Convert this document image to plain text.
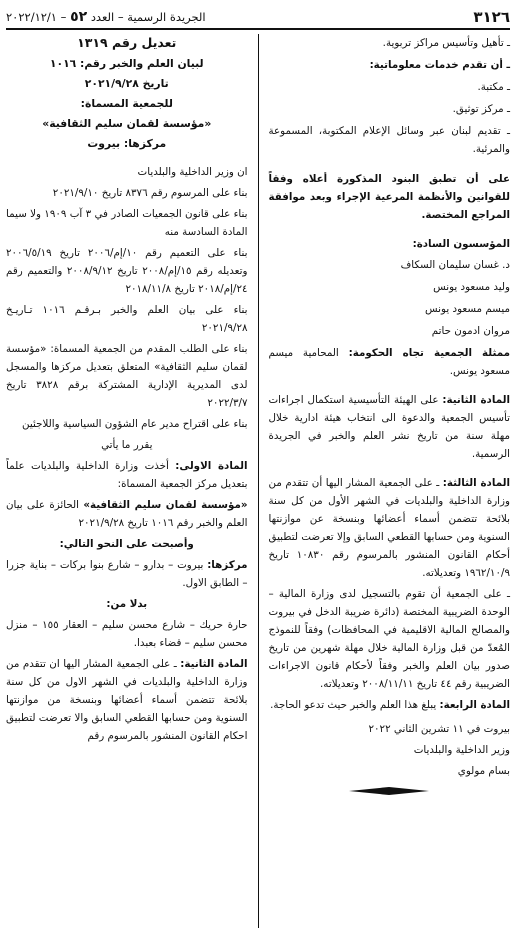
٣١٢٦
الجريدة الرسمية – العدد ٥٢ – ٢٠٢٢/١٢/١

ـ تأهيل وتأسيس مراكز تربوية.

ـ أن تقدم خدمات معلوماتية:

ـ مكتبة.

ـ مركز توثيق.

ـ تقديم لبنان عبر وسائل الإعلام المكتوبة، المسموعة والمرئية.

على أن تطبق البنود المذكورة أعلاه وفقاً للقوانين والأنظمة المرعية الإجراء وبعد موافقة المراجع المختصة.

المؤسسون السادة:

د. غسان سليمان السكاف

وليد مسعود يونس

ميسم مسعود يونس

مروان ادمون حاتم

ممثلة الجمعية تجاه الحكومة: المحامية ميسم مسعود يونس.

المادة الثانية: على الهيئة التأسيسية استكمال اجراءات تأسيس الجمعية والدعوة الى انتخاب هيئة ادارية خلال مهلة سنة من تاريخ نشر العلم والخبر في الجريدة الرسمية.

المادة الثالثة: ـ على الجمعية المشار اليها أن تتقدم من وزارة الداخلية والبلديات في الشهر الأول من كل سنة بلائحة تتضمن أسماء أعضائها وبنسخة عن موازنتها السنوية ومن حسابها القطعي السابق وإلا تعرضت لتطبيق أحكام القانون المنشور بالمرسوم رقم ١٠٨٣٠ تاريخ ١٩٦٢/١٠/٩ وتعديلاته.

ـ على الجمعية أن تقوم بالتسجيل لدى وزارة المالية – الوحدة الضريبية المختصة (دائرة ضريبة الدخل في بيروت والمصالح المالية الاقليمية في المحافظات) وفقاً للنموذج المُعدّ من قبل وزارة المالية خلال مهلة شهرين من تاريخ صدور بيان العلم والخبر وفقاً لأحكام قانون الاجراءات الضريبية رقم ٤٤ تاريخ ٢٠٠٨/١١/١١ وتعديلاته.

المادة الرابعة: يبلغ هذا العلم والخبر حيث تدعو الحاجة.

بيروت في ١١ تشرين الثاني ٢٠٢٢

وزير الداخلية والبلديات

بسام مولوي

تعديل رقم ١٣١٩

لبيان العلم والخبر رقم: ١٠١٦

تاريخ ٢٠٢١/٩/٢٨

للجمعية المسماة:

«مؤسسة لقمان سليم الثقافية»

مركزها: بيروت

ان وزير الداخلية والبلديات

بناء على المرسوم رقم ٨٣٧٦ تاريخ ٢٠٢١/٩/١٠

بناء على قانون الجمعيات الصادر في ٣ آب ١٩٠٩ ولا سيما المادة السادسة منه

بناء على التعميم رقم ١٠/إم/٢٠٠٦ تاريخ ٢٠٠٦/٥/١٩ وتعديله رقم ١٥/إم/٢٠٠٨ تاريخ ٢٠٠٨/٩/١٢ والتعميم رقم ٢٤/إم/٢٠١٨ تاريخ ٢٠١٨/١١/٨

بناء على بيان العلم والخبر بـرقـم ١٠١٦ تـاريـخ ٢٠٢١/٩/٢٨

بناء على الطلب المقدم من الجمعية المسماة: «مؤسسة لقمان سليم الثقافية» المتعلق بتعديل مركزها والمسجل لدى المديرية الإدارية المشتركة برقم ٣٨٢٨ تاريخ ٢٠٢٢/٣/٧

بناء على اقتراح مدير عام الشؤون السياسية واللاجئين

يقرر ما يأتي

المادة الاولى: أخذت وزارة الداخلية والبلديات علماً بتعديل مركز الجمعية المسماة:

«مؤسسة لقمان سليم الثقافية» الحائزة على بيان العلم والخبر رقم ١٠١٦ تاريخ ٢٠٢١/٩/٢٨

وأصبحت على النحو التالي:

مركزها: بيروت – بدارو – شارع بنوا بركات – بناية جزرا – الطابق الاول.

بدلا من:

حارة حريك – شارع محسن سليم – العقار ١٥٥ – منزل محسن سليم – قضاء بعبدا.

المادة الثانية: ـ على الجمعية المشار اليها ان تتقدم من وزارة الداخلية والبلديات في الشهر الاول من كل سنة بلائحة تتضمن أسماء أعضائها وبنسخة من موازنتها السنوية ومن حسابها القطعي السابق والا تعرضت لتطبيق احكام القانون المنشور بالمرسوم رقم
